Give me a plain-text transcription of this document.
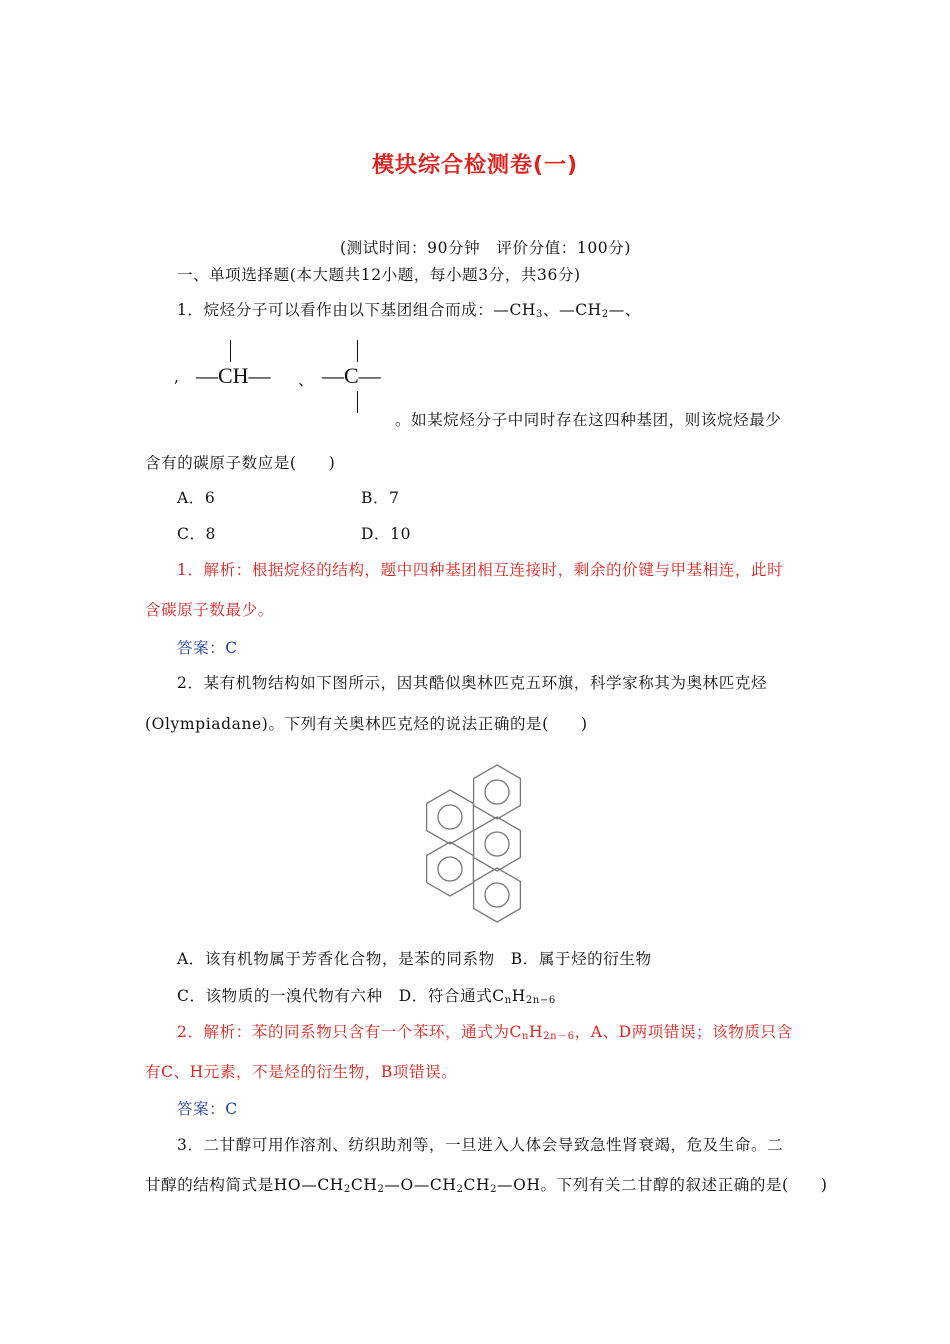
模块综合检测卷(一)
(测试时间：90分钟　评价分值：100分)
一、单项选择题(本大题共12小题，每小题3分，共36分)
1．烷烃分子可以看作由以下基团组合而成：$—CH_3$、$—CH_2—$、
, —CH— 、 —C—
。如某烷烃分子中同时存在这四种基团，则该烷烃最少
含有的碳原子数应是(　　)
A．6	B．7
C．8	D．10
1．解析：根据烷烃的结构，题中四种基团相互连接时，剩余的价键与甲基相连，此时
含碳原子数最少。
答案：C
2．某有机物结构如下图所示，因其酷似奥林匹克五环旗，科学家称其为奥林匹克烃
(Olympiadane)。下列有关奥林匹克烃的说法正确的是(　　)
A．该有机物属于芳香化合物，是苯的同系物　B．属于烃的衍生物
C．该物质的一溴代物有六种　D．符合通式$C_nH_{2n-6}$
2．解析：苯的同系物只含有一个苯环，通式为$C_nH_{2n-6}$，A、D两项错误；该物质只含
有C、H元素，不是烃的衍生物，B项错误。
答案：C
3．二甘醇可用作溶剂、纺织助剂等，一旦进入人体会导致急性肾衰竭，危及生命。二
甘醇的结构简式是$HO—CH_2CH_2—O—CH_2CH_2—OH$。下列有关二甘醇的叙述正确的是(　　)
